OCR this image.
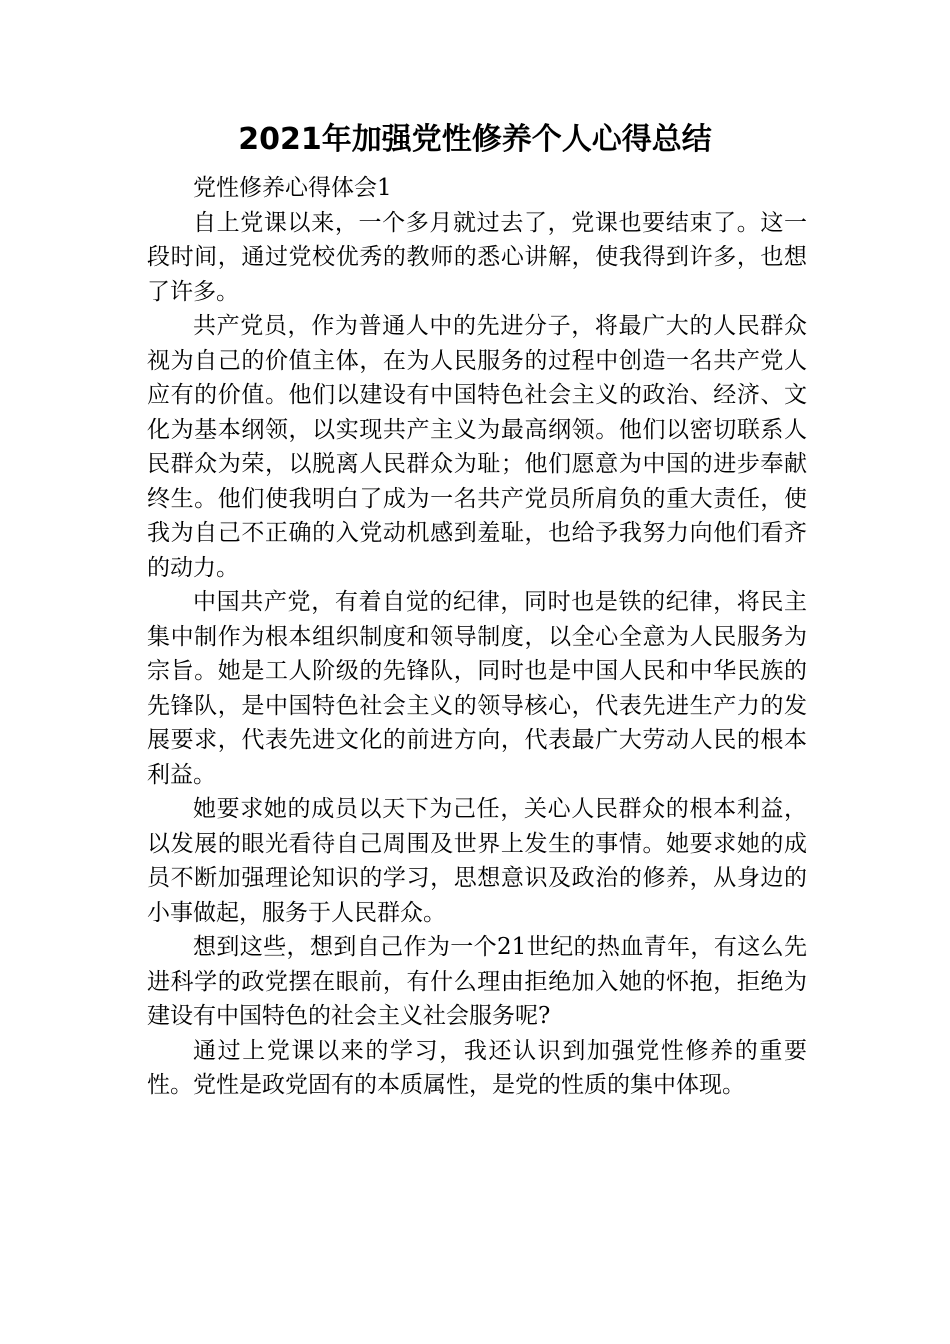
2021年加强党性修养个人心得总结

党性修养心得体会1

自上党课以来，一个多月就过去了，党课也要结束了。这一段时间，通过党校优秀的教师的悉心讲解，使我得到许多，也想了许多。

共产党员，作为普通人中的先进分子，将最广大的人民群众视为自己的价值主体，在为人民服务的过程中创造一名共产党人应有的价值。他们以建设有中国特色社会主义的政治、经济、文化为基本纲领，以实现共产主义为最高纲领。他们以密切联系人民群众为荣，以脱离人民群众为耻；他们愿意为中国的进步奉献终生。他们使我明白了成为一名共产党员所肩负的重大责任，使我为自己不正确的入党动机感到羞耻，也给予我努力向他们看齐的动力。

中国共产党，有着自觉的纪律，同时也是铁的纪律，将民主集中制作为根本组织制度和领导制度，以全心全意为人民服务为宗旨。她是工人阶级的先锋队，同时也是中国人民和中华民族的先锋队，是中国特色社会主义的领导核心，代表先进生产力的发展要求，代表先进文化的前进方向，代表最广大劳动人民的根本利益。

她要求她的成员以天下为己任，关心人民群众的根本利益，以发展的眼光看待自己周围及世界上发生的事情。她要求她的成员不断加强理论知识的学习，思想意识及政治的修养，从身边的小事做起，服务于人民群众。

想到这些，想到自己作为一个21世纪的热血青年，有这么先进科学的政党摆在眼前，有什么理由拒绝加入她的怀抱，拒绝为建设有中国特色的社会主义社会服务呢?

通过上党课以来的学习，我还认识到加强党性修养的重要性。党性是政党固有的本质属性，是党的性质的集中体现。
